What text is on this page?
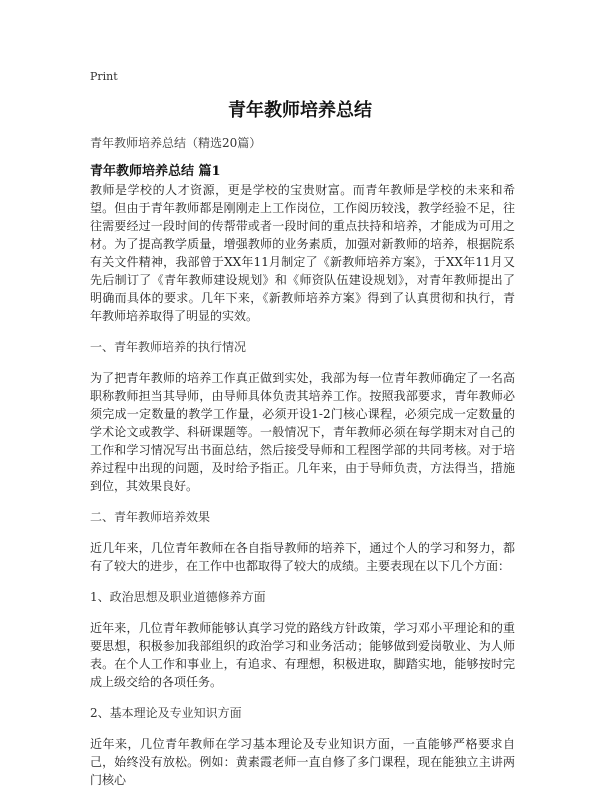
Print
青年教师培养总结
青年教师培养总结（精选20篇）
青年教师培养总结 篇1

教师是学校的人才资源，更是学校的宝贵财富。而青年教师是学校的未来和希望。但由于青年教师都是刚刚走上工作岗位，工作阅历较浅，教学经验不足，往往需要经过一段时间的传帮带或者一段时间的重点扶持和培养，才能成为可用之材。为了提高教学质量，增强教师的业务素质，加强对新教师的培养，根据院系有关文件精神，我部曾于XX年11月制定了《新教师培养方案》，于XX年11月又先后制订了《青年教师建设规划》和《师资队伍建设规划》，对青年教师提出了明确而具体的要求。几年下来，《新教师培养方案》得到了认真贯彻和执行，青年教师培养取得了明显的实效。

一、青年教师培养的执行情况

为了把青年教师的培养工作真正做到实处，我部为每一位青年教师确定了一名高职称教师担当其导师，由导师具体负责其培养工作。按照我部要求，青年教师必须完成一定数量的教学工作量，必须开设1-2门核心课程，必须完成一定数量的学术论文或教学、科研课题等。一般情况下，青年教师必须在每学期末对自己的工作和学习情况写出书面总结，然后接受导师和工程图学部的共同考核。对于培养过程中出现的问题，及时给予指正。几年来，由于导师负责，方法得当，措施到位，其效果良好。

二、青年教师培养效果

近几年来，几位青年教师在各自指导教师的培养下，通过个人的学习和努力，都有了较大的进步，在工作中也都取得了较大的成绩。主要表现在以下几个方面：

1、政治思想及职业道德修养方面

近年来，几位青年教师能够认真学习党的路线方针政策，学习邓小平理论和的重要思想，积极参加我部组织的政治学习和业务活动；能够做到爱岗敬业、为人师表。在个人工作和事业上，有追求、有理想，积极进取，脚踏实地，能够按时完成上级交给的各项任务。

2、基本理论及专业知识方面

近年来，几位青年教师在学习基本理论及专业知识方面，一直能够严格要求自己，始终没有放松。例如：黄素霞老师一直自修了多门课程，现在能独立主讲两门核心
